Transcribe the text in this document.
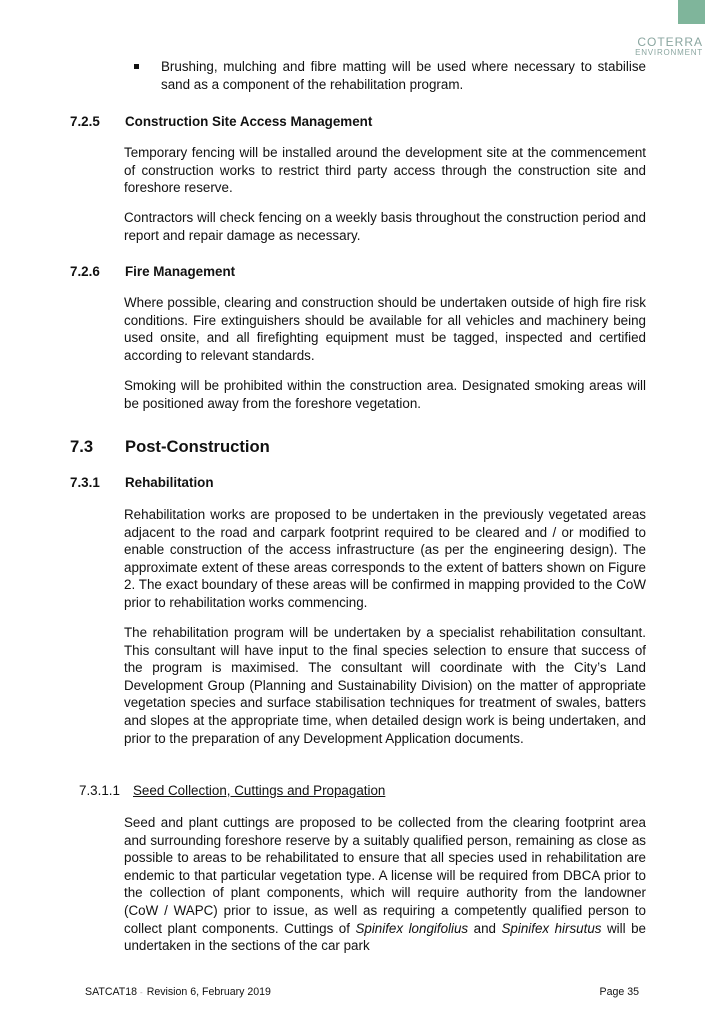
COTERRA
ENVIRONMENT
Brushing, mulching and fibre matting will be used where necessary to stabilise sand as a component of the rehabilitation program.
7.2.5 Construction Site Access Management

Temporary fencing will be installed around the development site at the commencement of construction works to restrict third party access through the construction site and foreshore reserve.

Contractors will check fencing on a weekly basis throughout the construction period and report and repair damage as necessary.

7.2.6 Fire Management

Where possible, clearing and construction should be undertaken outside of high fire risk conditions. Fire extinguishers should be available for all vehicles and machinery being used onsite, and all firefighting equipment must be tagged, inspected and certified according to relevant standards.

Smoking will be prohibited within the construction area. Designated smoking areas will be positioned away from the foreshore vegetation.

7.3 Post-Construction
7.3.1 Rehabilitation

Rehabilitation works are proposed to be undertaken in the previously vegetated areas adjacent to the road and carpark footprint required to be cleared and / or modified to enable construction of the access infrastructure (as per the engineering design). The approximate extent of these areas corresponds to the extent of batters shown on Figure 2. The exact boundary of these areas will be confirmed in mapping provided to the CoW prior to rehabilitation works commencing.

The rehabilitation program will be undertaken by a specialist rehabilitation consultant. This consultant will have input to the final species selection to ensure that success of the program is maximised. The consultant will coordinate with the City’s Land Development Group (Planning and Sustainability Division) on the matter of appropriate vegetation species and surface stabilisation techniques for treatment of swales, batters and slopes at the appropriate time, when detailed design work is being undertaken, and prior to the preparation of any Development Application documents.

7.3.1.1 Seed Collection, Cuttings and Propagation

Seed and plant cuttings are proposed to be collected from the clearing footprint area and surrounding foreshore reserve by a suitably qualified person, remaining as close as possible to areas to be rehabilitated to ensure that all species used in rehabilitation are endemic to that particular vegetation type. A license will be required from DBCA prior to the collection of plant components, which will require authority from the landowner (CoW / WAPC) prior to issue, as well as requiring a competently qualified person to collect plant components. Cuttings of Spinifex longifolius and Spinifex hirsutus will be undertaken in the sections of the car park

SATCAT18 - Revision 6, February 2019	Page 35
